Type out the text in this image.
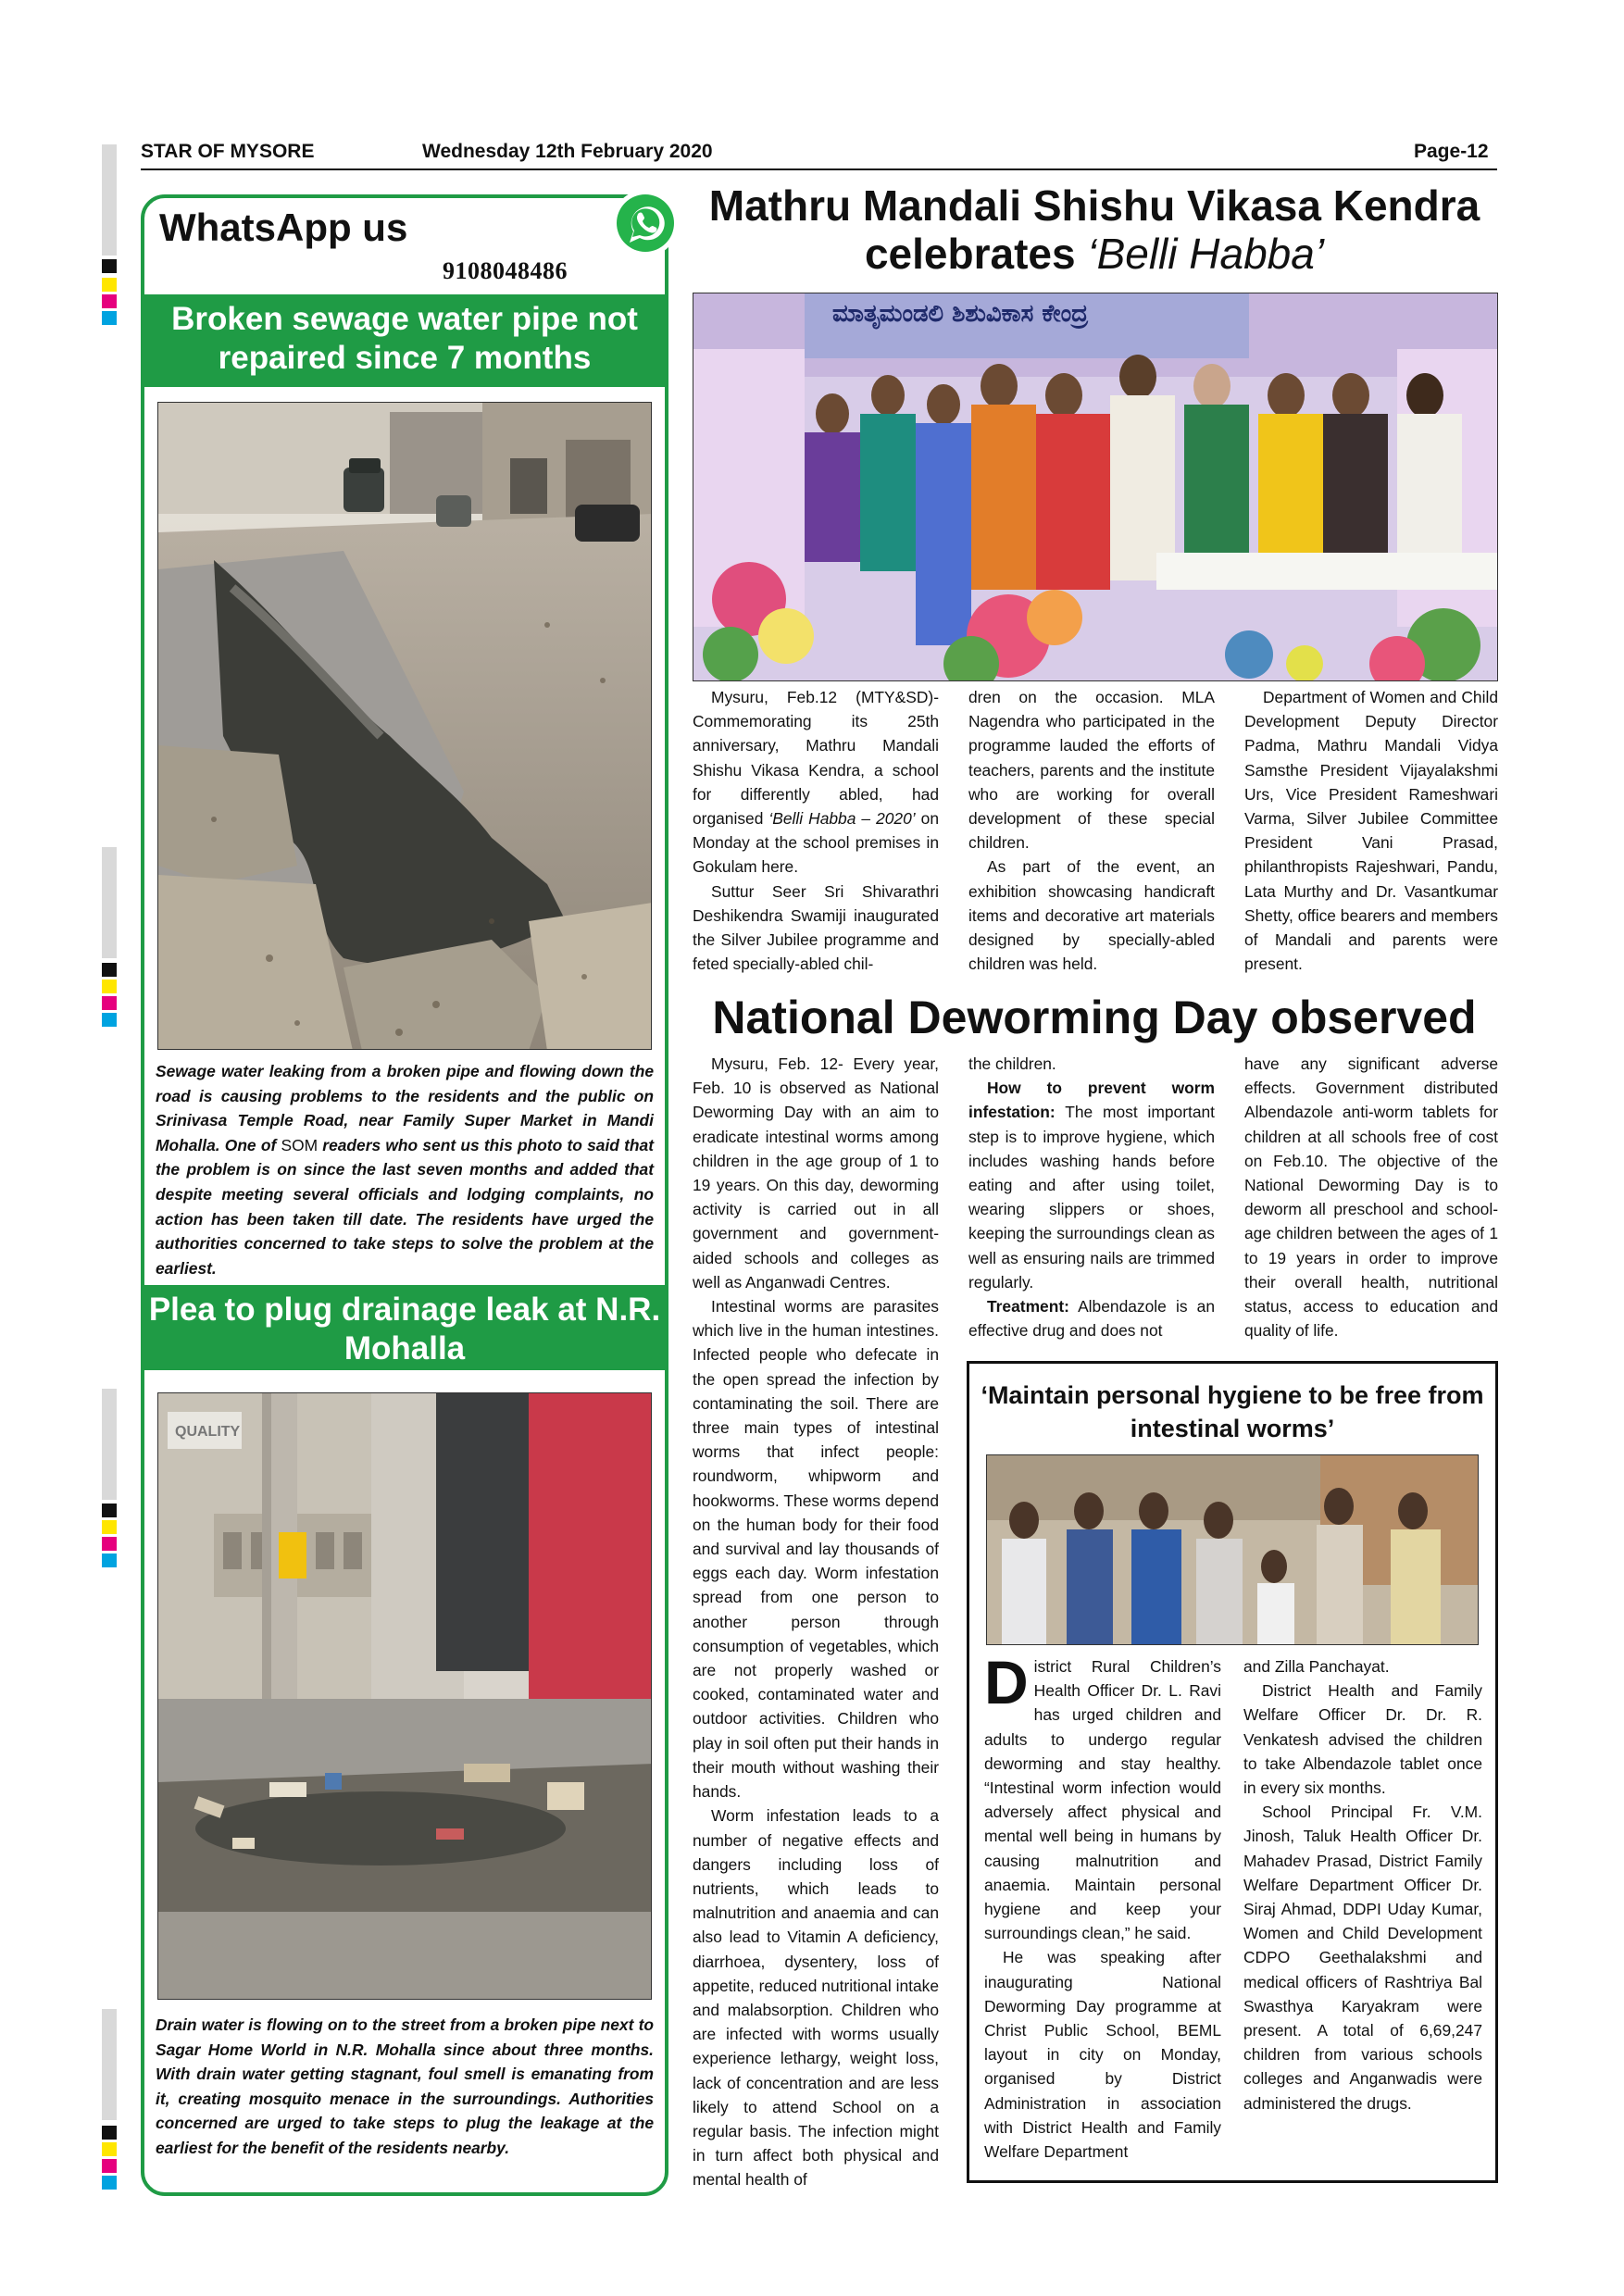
STAR OF MYSORE	Wednesday 12th February 2020	Page-12
WhatsApp us
9108048486
Broken sewage water pipe not repaired since 7 months
Sewage water leaking from a broken pipe and flowing down the road is causing problems to the residents and the public on Srinivasa Temple Road, near Family Super Market in Mandi Mohalla. One of SOM readers who sent us this photo to said that the problem is on since the last seven months and added that despite meeting several officials and lodging complaints, no action has been taken till date. The residents have urged the authorities concerned to take steps to solve the problem at the earliest.
Plea to plug drainage leak at N.R. Mohalla
QUALITY
Drain water is flowing on to the street from a broken pipe next to Sagar Home World in N.R. Mohalla since about three months. With drain water getting stagnant, foul smell is emanating from it, creating mosquito menace in the surroundings. Authorities concerned are urged to take steps to plug the leakage at the earliest for the benefit of the residents nearby.
Mathru Mandali Shishu Vikasa Kendra
celebrates ‘Belli Habba’
ಮಾತೃಮಂಡಲಿ ಶಿಶುವಿಕಾಸ ಕೇಂದ್ರ

Mysuru, Feb.12 (MTY&SD)- Commemorating its 25th anniversary, Mathru Mandali Shishu Vikasa Kendra, a school for differently abled, had organised ‘Belli Habba – 2020’ on Monday at the school premises in Gokulam here.

Suttur Seer Sri Shivarathri Deshikendra Swamiji inaugurated the Silver Jubilee programme and feted specially-abled chil-

dren on the occasion. MLA Nagendra who participated in the programme lauded the efforts of teachers, parents and the institute who are working for overall development of these special children.

As part of the event, an exhibition showcasing handicraft items and decorative art materials designed by specially-abled children was held.

Department of Women and Child Development Deputy Director Padma, Mathru Mandali Vidya Samsthe President Vijayalakshmi Urs, Vice President Rameshwari Varma, Silver Jubilee Committee President Vani Prasad, philanthropists Rajeshwari, Pandu, Lata Murthy and Dr. Vasantkumar Shetty, office bearers and members of Mandali and parents were present.

National Deworming Day observed

Mysuru, Feb. 12- Every year, Feb. 10 is observed as National Deworming Day with an aim to eradicate intestinal worms among children in the age group of 1 to 19 years. On this day, deworming activity is carried out in all government and government-aided schools and colleges as well as Anganwadi Centres.

Intestinal worms are parasites which live in the human intestines. Infected people who defecate in the open spread the infection by contaminating the soil. There are three main types of intestinal worms that infect people: roundworm, whipworm and hookworms. These worms depend on the human body for their food and survival and lay thousands of eggs each day. Worm infestation spread from one person to another person through consumption of vegetables, which are not properly washed or cooked, contaminated water and outdoor activities. Children who play in soil often put their hands in their mouth without washing their hands.

Worm infestation leads to a number of negative effects and dangers including loss of nutrients, which leads to malnutrition and anaemia and can also lead to Vitamin A deficiency, diarrhoea, dysentery, loss of appetite, reduced nutritional intake and malabsorption. Children who are infected with worms usually experience lethargy, weight loss, lack of concentration and are less likely to attend School on a regular basis. The infection might in turn affect both physical and mental health of

the children.

How to prevent worm infestation: The most important step is to improve hygiene, which includes washing hands before eating and after using toilet, wearing slippers or shoes, keeping the surroundings clean as well as ensuring nails are trimmed regularly.

Treatment: Albendazole is an effective drug and does not

have any significant adverse effects. Government distributed Albendazole anti-worm tablets for children at all schools free of cost on Feb.10. The objective of the National Deworming Day is to deworm all preschool and school-age children between the ages of 1 to 19 years in order to improve their overall health, nutritional status, access to education and quality of life.

‘Maintain personal hygiene to be free from intestinal worms’

District Rural Children’s Health Officer Dr. L. Ravi has urged children and adults to undergo regular deworming and stay healthy. “Intestinal worm infection would adversely affect physical and mental well being in humans by causing malnutrition and anaemia. Maintain personal hygiene and keep your surroundings clean,” he said.

He was speaking after inaugurating National Deworming Day programme at Christ Public School, BEML layout in city on Monday, organised by District Administration in association with District Health and Family Welfare Department

and Zilla Panchayat.

District Health and Family Welfare Officer Dr. Dr. R. Venkatesh advised the children to take Albendazole tablet once in every six months.

School Principal Fr. V.M. Jinosh, Taluk Health Officer Dr. Mahadev Prasad, District Family Welfare Department Officer Dr. Siraj Ahmad, DDPI Uday Kumar, Women and Child Development CDPO Geethalakshmi and medical officers of Rashtriya Bal Swasthya Karyakram were present. A total of 6,69,247 children from various schools colleges and Anganwadis were administered the drugs.
